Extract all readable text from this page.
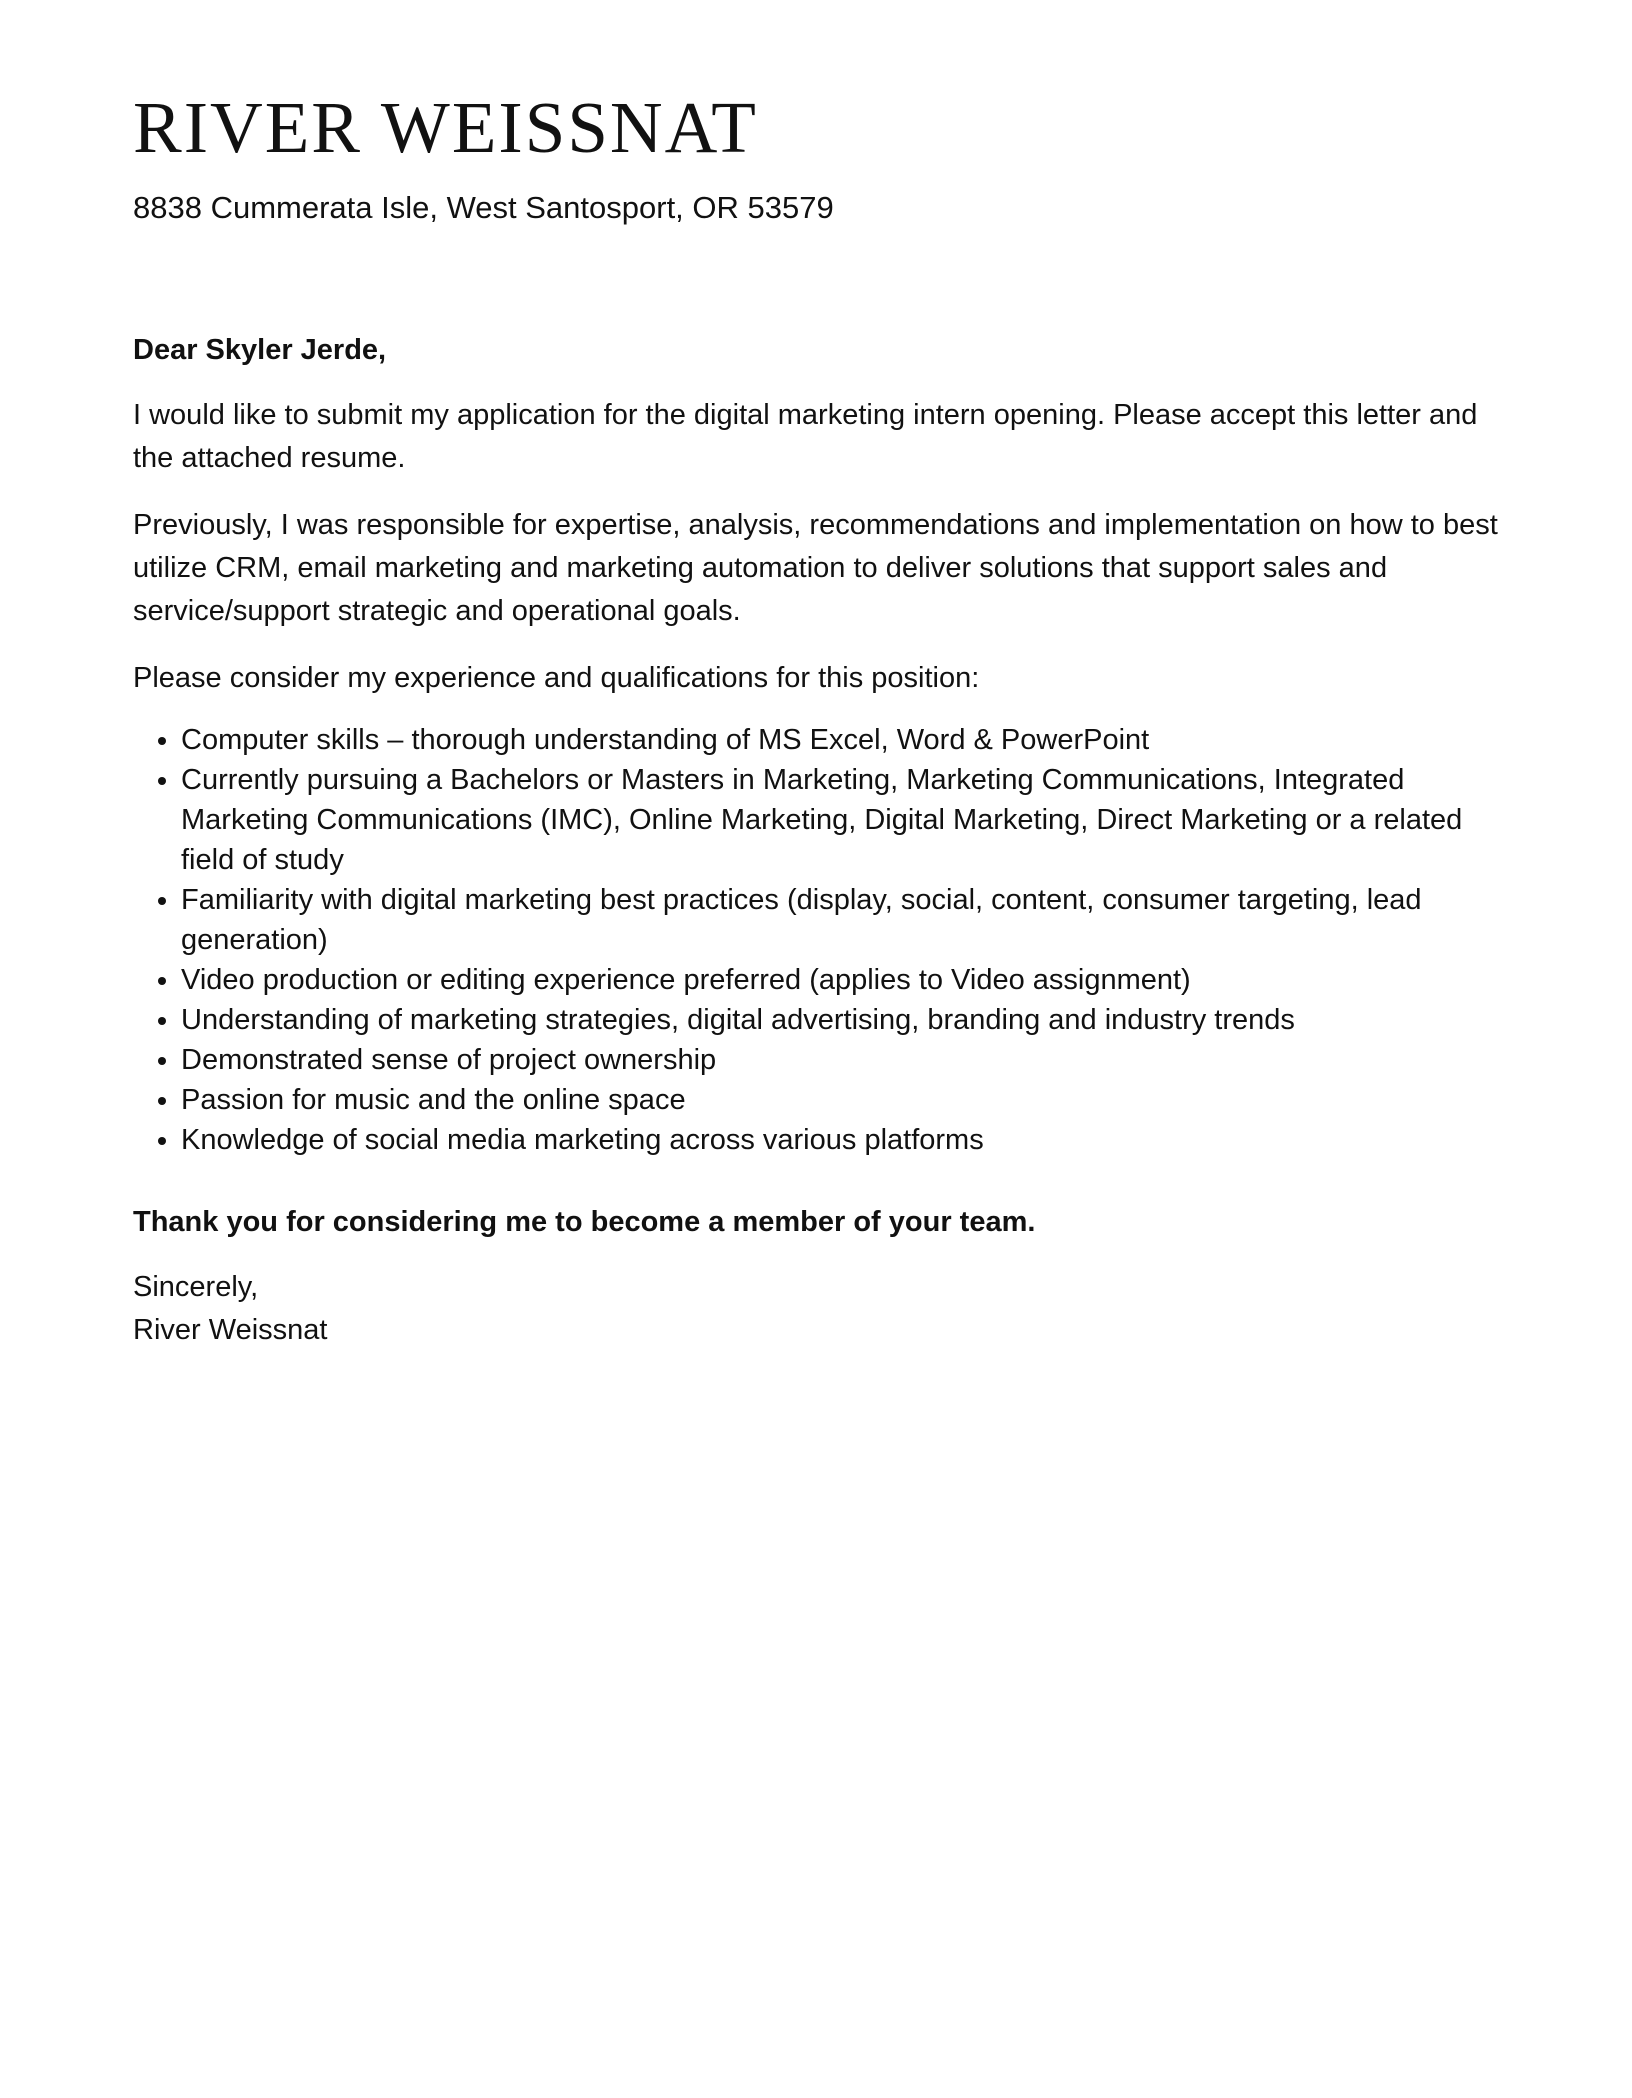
RIVER WEISSNAT
8838 Cummerata Isle, West Santosport, OR 53579
Dear Skyler Jerde,
I would like to submit my application for the digital marketing intern opening. Please accept this letter and the attached resume.
Previously, I was responsible for expertise, analysis, recommendations and implementation on how to best utilize CRM, email marketing and marketing automation to deliver solutions that support sales and service/support strategic and operational goals.
Please consider my experience and qualifications for this position:
• Computer skills – thorough understanding of MS Excel, Word & PowerPoint
• Currently pursuing a Bachelors or Masters in Marketing, Marketing Communications, Integrated Marketing Communications (IMC), Online Marketing, Digital Marketing, Direct Marketing or a related field of study
• Familiarity with digital marketing best practices (display, social, content, consumer targeting, lead generation)
• Video production or editing experience preferred (applies to Video assignment)
• Understanding of marketing strategies, digital advertising, branding and industry trends
• Demonstrated sense of project ownership
• Passion for music and the online space
• Knowledge of social media marketing across various platforms
Thank you for considering me to become a member of your team.
Sincerely,
River Weissnat
